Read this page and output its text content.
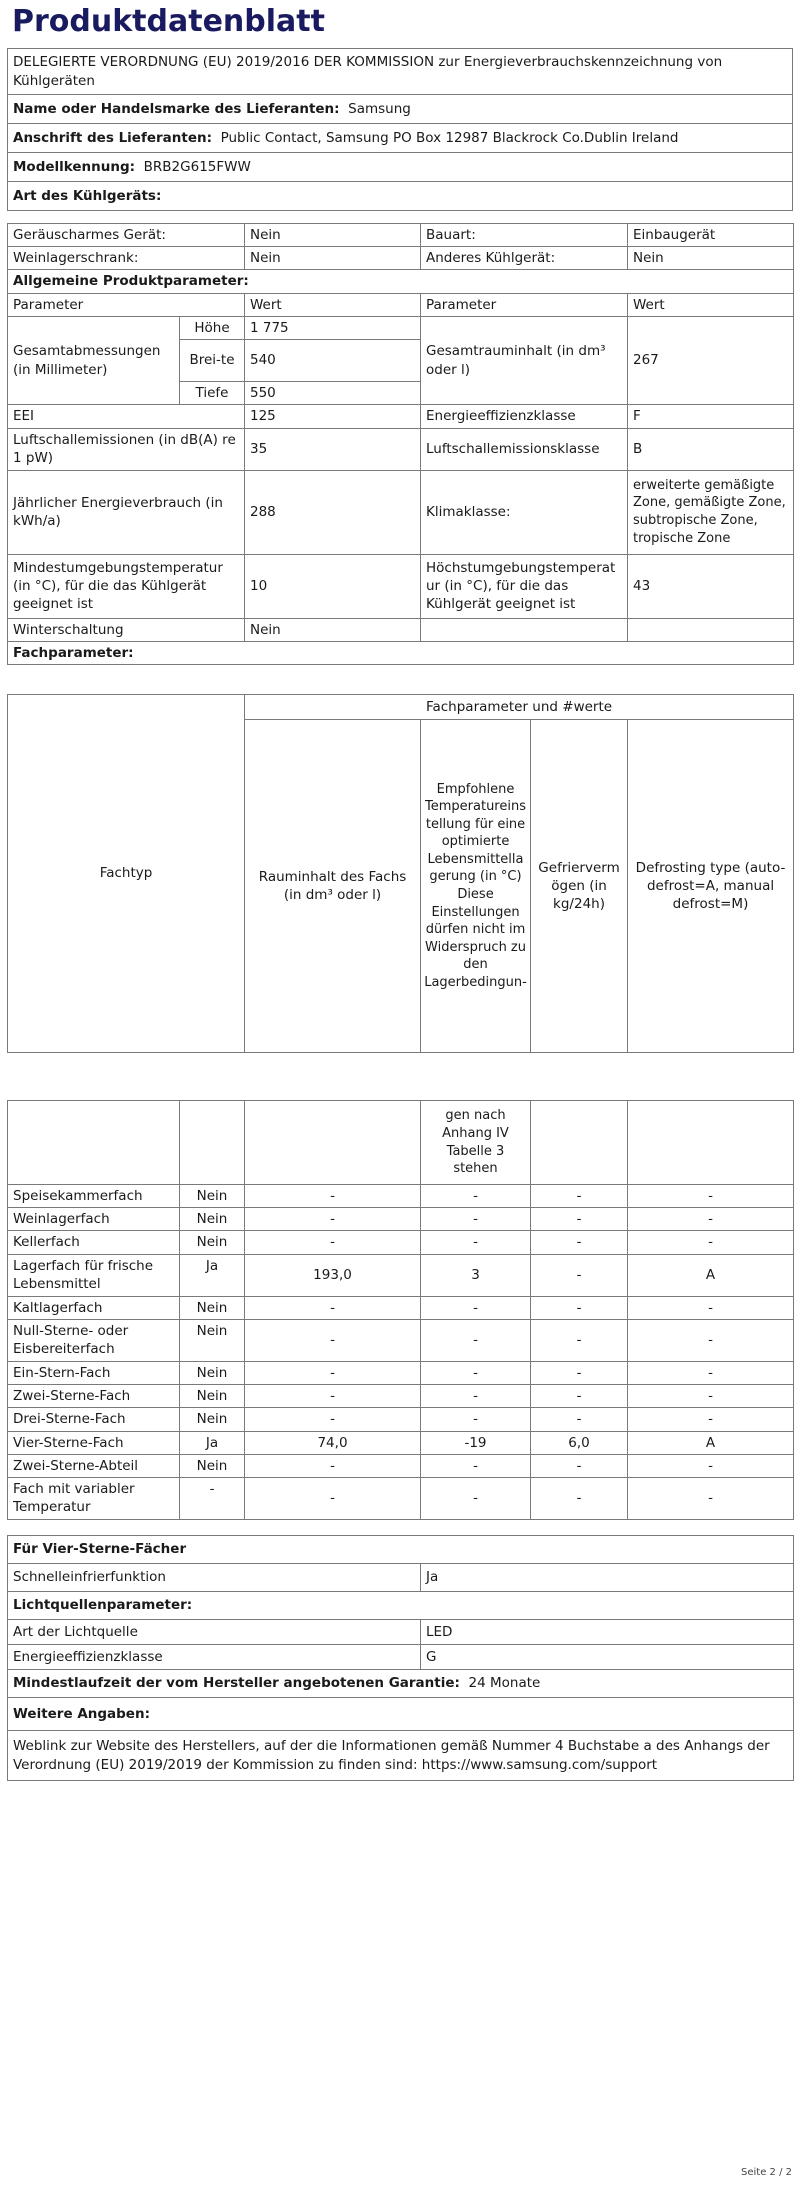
Produktdatenblatt
DELEGIERTE VERORDNUNG (EU) 2019/2016 DER KOMMISSION zur Energieverbrauchskennzeichnung von Kühlgeräten
Name oder Handelsmarke des Lieferanten: Samsung
Anschrift des Lieferanten: Public Contact, Samsung PO Box 12987 Blackrock Co.Dublin Ireland
Modellkennung: BRB2G615FWW
Art des Kühlgeräts:
Geräuscharmes Gerät:		Nein	Bauart:	Einbaugerät
Weinlagerschrank:		Nein	Anderes Kühlgerät:	Nein
Allgemeine Produktparameter:				
Parameter		Wert	Parameter	Wert
Gesamtabmessungen (in Millimeter)	Höhe	1 775	Gesamtrauminhalt (in dm³ oder l)	267
	Brei-te	540		
	Tiefe	550		
EEI		125	Energieeffizienzklasse	F
Luftschallemissionen (in dB(A) re 1 pW)		35	Luftschallemissionsklasse	B
Jährlicher Energieverbrauch (in kWh/a)		288	Klimaklasse:	erweiterte gemäßigte Zone, gemäßigte Zone, subtropische Zone, tropische Zone
Mindestumgebungstemperatur (in °C), für die das Kühlgerät geeignet ist		10	Höchstumgebungstemperatur (in °C), für die das Kühlgerät geeignet ist	43
Winterschaltung		Nein		
Fachparameter:				
Fachtyp	Fachparameter und #werte			
	Rauminhalt des Fachs (in dm³ oder l)	Empfohlene Temperatureinstellung für eine optimierte Lebensmittellagerung (in °C) Diese Einstellungen dürfen nicht im Widerspruch zu den Lagerbedingun-	Gefriervermögen (in kg/24h)	Defrosting type (auto-defrost=A, manual defrost=M)
			gen nach Anhang IV Tabelle 3 stehen		
Speisekammerfach	Nein	-	-	-	-
Weinlagerfach	Nein	-	-	-	-
Kellerfach	Nein	-	-	-	-
Lagerfach für frische Lebensmittel	Ja	193,0	3	-	A
Kaltlagerfach	Nein	-	-	-	-
Null-Sterne- oder Eisbereiterfach	Nein	-	-	-	-
Ein-Stern-Fach	Nein	-	-	-	-
Zwei-Sterne-Fach	Nein	-	-	-	-
Drei-Sterne-Fach	Nein	-	-	-	-
Vier-Sterne-Fach	Ja	74,0	-19	6,0	A
Zwei-Sterne-Abteil	Nein	-	-	-	-
Fach mit variabler Temperatur	-	-	-	-	-
Für Vier-Sterne-Fächer	
Schnelleinfrierfunktion	Ja
Lichtquellenparameter:	
Art der Lichtquelle	LED
Energieeffizienzklasse	G
Mindestlaufzeit der vom Hersteller angebotenen Garantie: 24 Monate	
Weitere Angaben:	
Weblink zur Website des Herstellers, auf der die Informationen gemäß Nummer 4 Buchstabe a des Anhangs der Verordnung (EU) 2019/2019 der Kommission zu finden sind: https://www.samsung.com/support	
Seite 2 / 2
